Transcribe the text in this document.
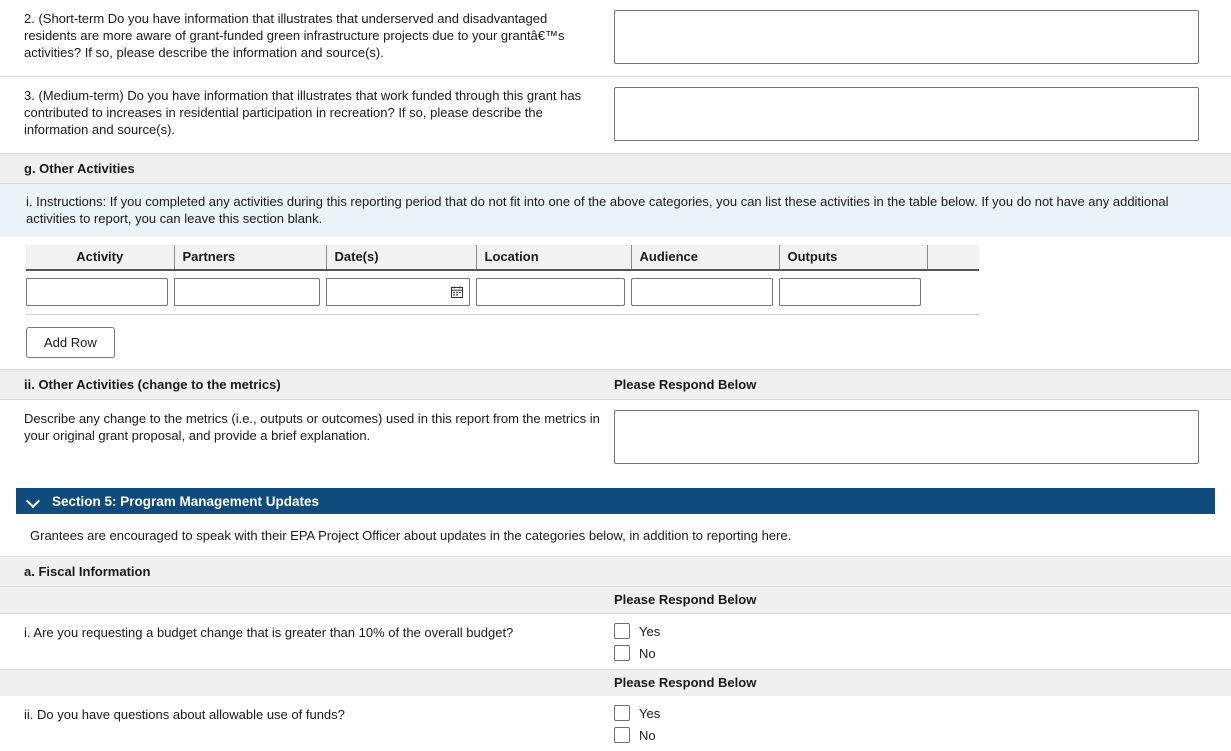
2. (Short-term Do you have information that illustrates that underserved and disadvantaged residents are more aware of grant-funded green infrastructure projects due to your grantâ€™s activities? If so, please describe the information and source(s).
3. (Medium-term) Do you have information that illustrates that work funded through this grant has contributed to increases in residential participation in recreation? If so, please describe the information and source(s).
g. Other Activities
i. Instructions: If you completed any activities during this reporting period that do not fit into one of the above categories, you can list these activities in the table below. If you do not have any additional activities to report, you can leave this section blank.
Activity	Partners	Date(s)	Location	Audience	Outputs	

Add Row
ii. Other Activities (change to the metrics)	Please Respond Below
Describe any change to the metrics (i.e., outputs or outcomes) used in this report from the metrics in your original grant proposal, and provide a brief explanation.
Section 5: Program Management Updates
Grantees are encouraged to speak with their EPA Project Officer about updates in the categories below, in addition to reporting here.
a. Fiscal Information
Please Respond Below
i. Are you requesting a budget change that is greater than 10% of the overall budget?	Yes
No
Please Respond Below
ii. Do you have questions about allowable use of funds?	Yes
No
